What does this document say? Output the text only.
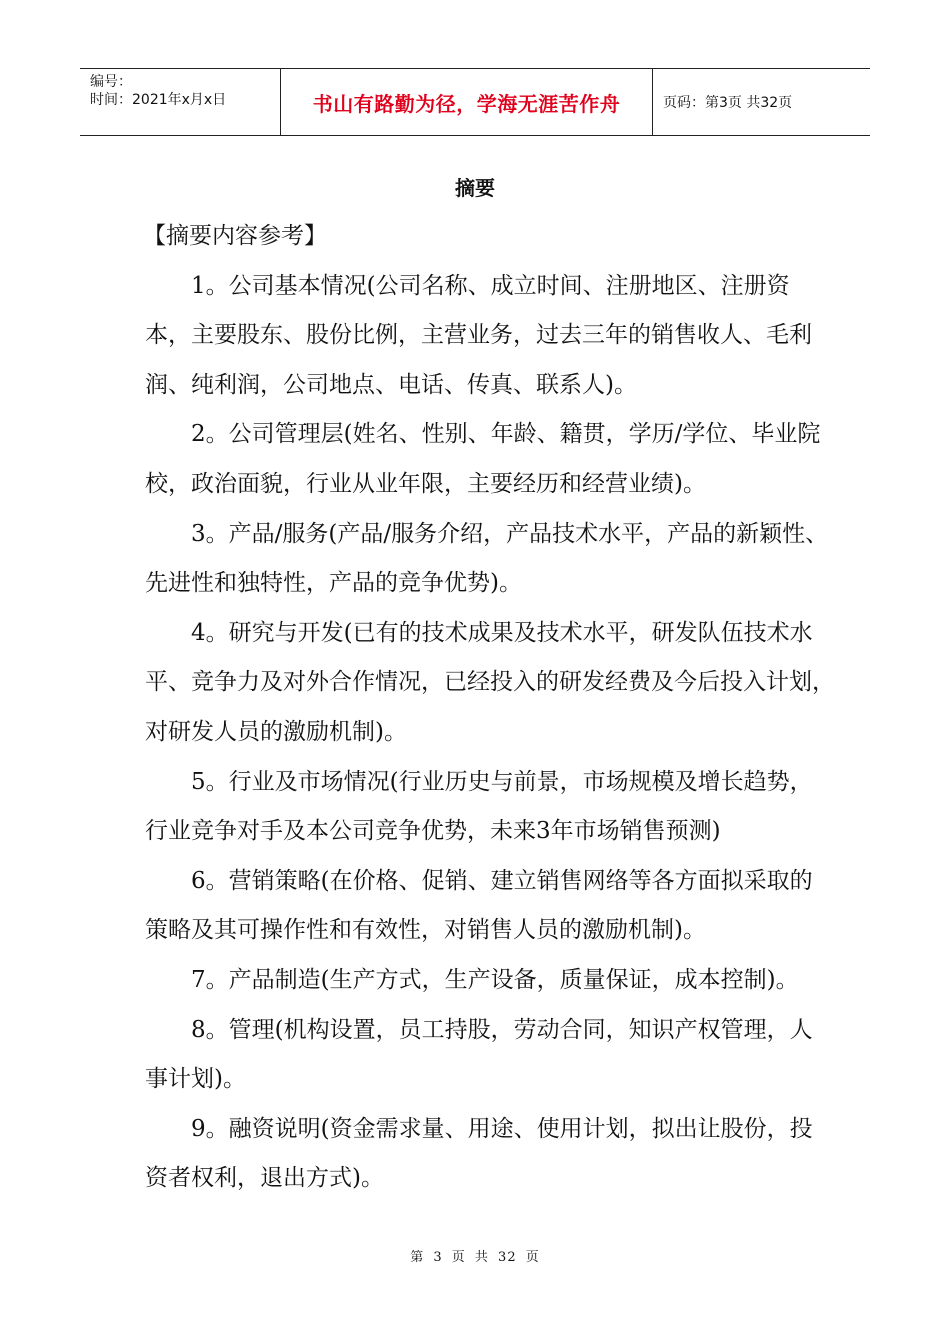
编号：
时间：2021年x月x日	书山有路勤为径，学海无涯苦作舟	页码：第3页 共32页
摘要

【摘要内容参考】

1。公司基本情况(公司名称、成立时间、注册地区、注册资本，主要股东、股份比例，主营业务，过去三年的销售收人、毛利润、纯利润，公司地点、电话、传真、联系人)。

2。公司管理层(姓名、性别、年龄、籍贯，学历/学位、毕业院校，政治面貌，行业从业年限，主要经历和经营业绩)。

3。产品/服务(产品/服务介绍，产品技术水平，产品的新颖性、先进性和独特性，产品的竞争优势)。

4。研究与开发(已有的技术成果及技术水平，研发队伍技术水平、竞争力及对外合作情况，已经投入的研发经费及今后投入计划，对研发人员的激励机制)。

5。行业及市场情况(行业历史与前景，市场规模及增长趋势，行业竞争对手及本公司竞争优势，未来3年市场销售预测)

6。营销策略(在价格、促销、建立销售网络等各方面拟采取的策略及其可操作性和有效性，对销售人员的激励机制)。

7。产品制造(生产方式，生产设备，质量保证，成本控制)。

8。管理(机构设置，员工持股，劳动合同，知识产权管理，人事计划)。

9。融资说明(资金需求量、用途、使用计划，拟出让股份，投资者权利，退出方式)。

第 3 页 共 32 页
